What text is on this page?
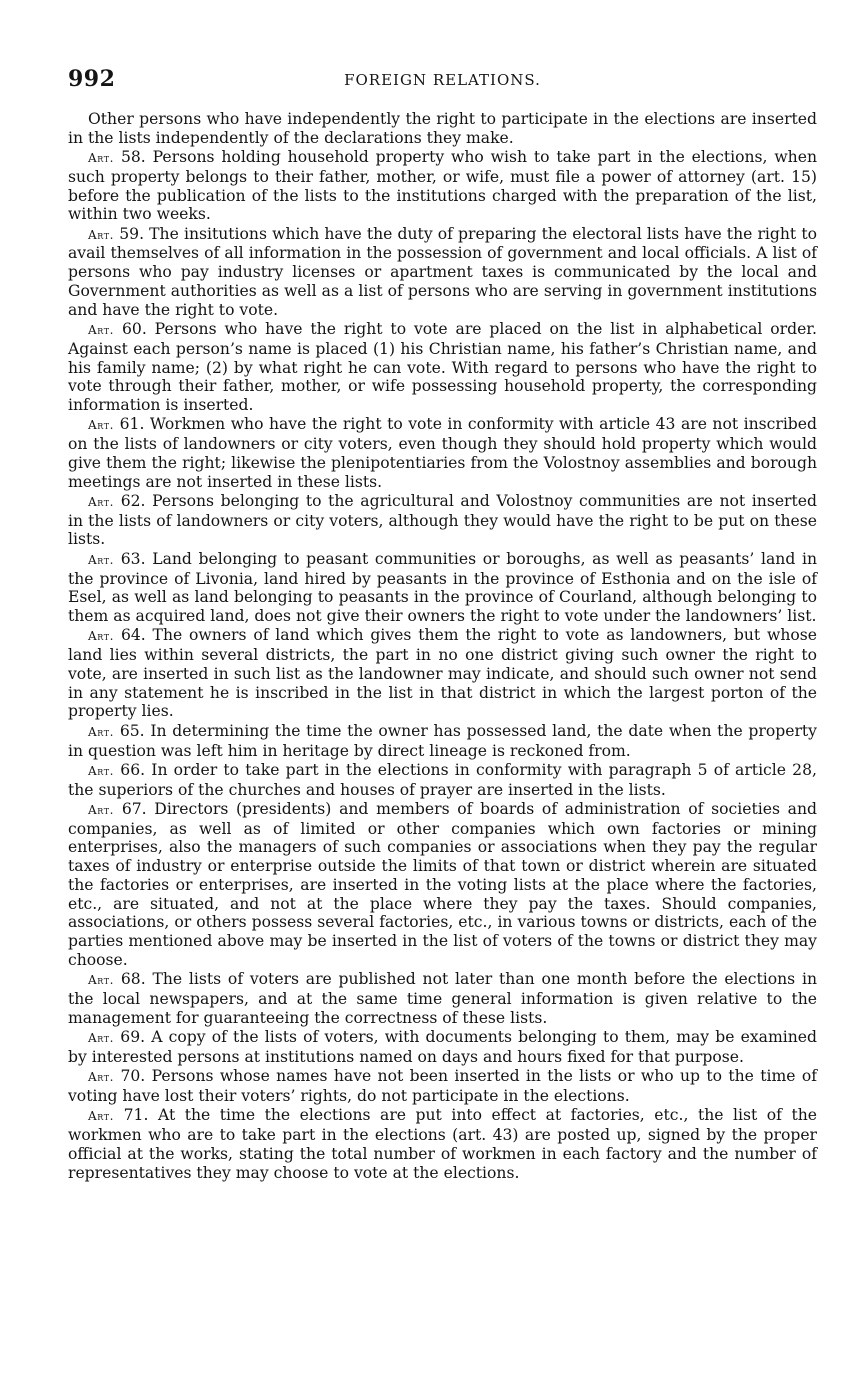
992	FOREIGN RELATIONS.

Other persons who have independently the right to participate in the elections are inserted in the lists independently of the declarations they make.

Art. 58. Persons holding household property who wish to take part in the elections, when such property belongs to their father, mother, or wife, must file a power of attorney (art. 15) before the publication of the lists to the institutions charged with the preparation of the list, within two weeks.

Art. 59. The insitutions which have the duty of preparing the electoral lists have the right to avail themselves of all information in the possession of government and local officials. A list of persons who pay industry licenses or apartment taxes is communicated by the local and Government authorities as well as a list of persons who are serving in government institutions and have the right to vote.

Art. 60. Persons who have the right to vote are placed on the list in alphabetical order. Against each person’s name is placed (1) his Christian name, his father’s Christian name, and his family name; (2) by what right he can vote. With regard to persons who have the right to vote through their father, mother, or wife possessing household property, the corresponding information is inserted.

Art. 61. Workmen who have the right to vote in conformity with article 43 are not inscribed on the lists of landowners or city voters, even though they should hold property which would give them the right; likewise the plenipotentiaries from the Volostnoy assemblies and borough meetings are not inserted in these lists.

Art. 62. Persons belonging to the agricultural and Volostnoy communities are not inserted in the lists of landowners or city voters, although they would have the right to be put on these lists.

Art. 63. Land belonging to peasant communities or boroughs, as well as peasants’ land in the province of Livonia, land hired by peasants in the province of Esthonia and on the isle of Esel, as well as land belonging to peasants in the province of Courland, although belonging to them as acquired land, does not give their owners the right to vote under the landowners’ list.

Art. 64. The owners of land which gives them the right to vote as landowners, but whose land lies within several districts, the part in no one district giving such owner the right to vote, are inserted in such list as the landowner may indicate, and should such owner not send in any statement he is inscribed in the list in that district in which the largest porton of the property lies.

Art. 65. In determining the time the owner has possessed land, the date when the property in question was left him in heritage by direct lineage is reckoned from.

Art. 66. In order to take part in the elections in conformity with paragraph 5 of article 28, the superiors of the churches and houses of prayer are inserted in the lists.

Art. 67. Directors (presidents) and members of boards of administration of societies and companies, as well as of limited or other companies which own factories or mining enterprises, also the managers of such companies or associations when they pay the regular taxes of industry or enterprise outside the limits of that town or district wherein are situated the factories or enterprises, are inserted in the voting lists at the place where the factories, etc., are situated, and not at the place where they pay the taxes. Should companies, associations, or others possess several factories, etc., in various towns or districts, each of the parties mentioned above may be inserted in the list of voters of the towns or district they may choose.

Art. 68. The lists of voters are published not later than one month before the elections in the local newspapers, and at the same time general information is given relative to the management for guaranteeing the correctness of these lists.

Art. 69. A copy of the lists of voters, with documents belonging to them, may be examined by interested persons at institutions named on days and hours fixed for that purpose.

Art. 70. Persons whose names have not been inserted in the lists or who up to the time of voting have lost their voters’ rights, do not participate in the elections.

Art. 71. At the time the elections are put into effect at factories, etc., the list of the workmen who are to take part in the elections (art. 43) are posted up, signed by the proper official at the works, stating the total number of workmen in each factory and the number of representatives they may choose to vote at the elections.
